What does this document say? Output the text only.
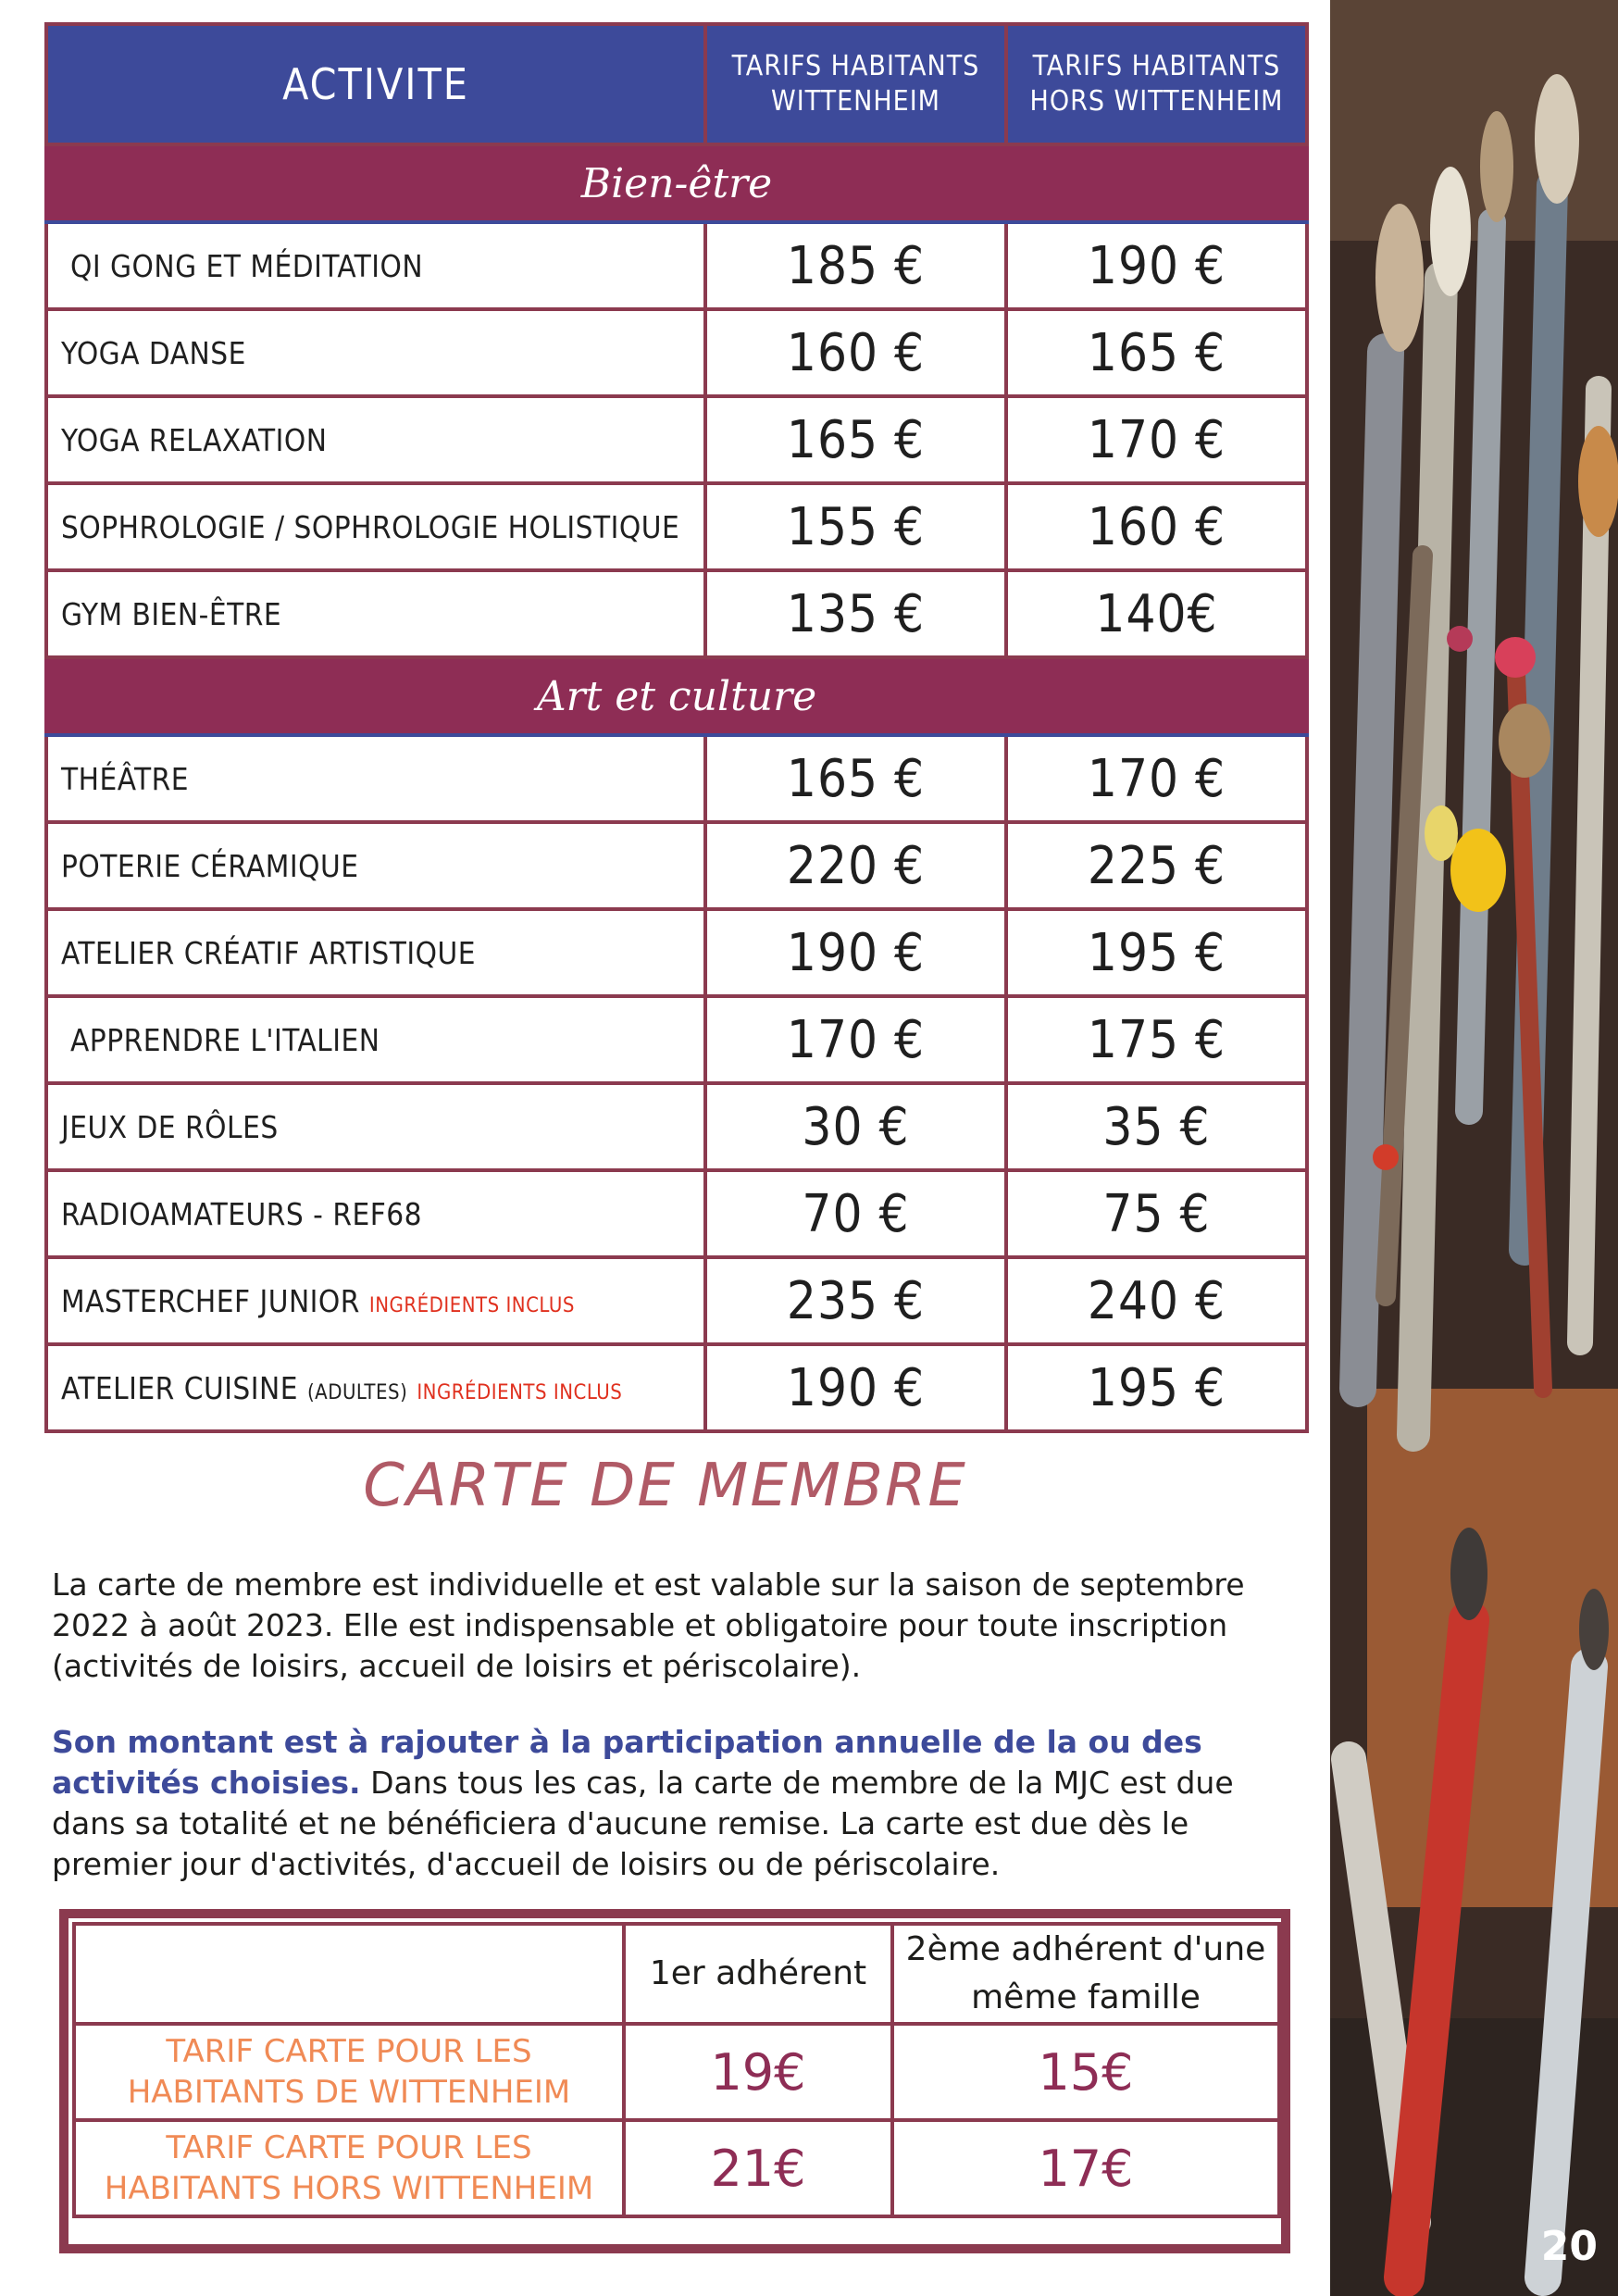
ACTIVITE	TARIFS HABITANTS WITTENHEIM	TARIFS HABITANTS HORS WITTENHEIM
Bien-être		
QI GONG ET MÉDITATION	185 €	190 €
YOGA DANSE	160 €	165 €
YOGA RELAXATION	165 €	170 €
SOPHROLOGIE / SOPHROLOGIE HOLISTIQUE	155 €	160 €
GYM BIEN-ÊTRE	135 €	140€
Art et culture		
THÉÂTRE	165 €	170 €
POTERIE CÉRAMIQUE	220 €	225 €
ATELIER CRÉATIF ARTISTIQUE	190 €	195 €
APPRENDRE L'ITALIEN	170 €	175 €
JEUX DE RÔLES	30 €	35 €
RADIOAMATEURS - REF68	70 €	75 €
MASTERCHEF JUNIOR INGRÉDIENTS INCLUS	235 €	240 €
ATELIER CUISINE (ADULTES) INGRÉDIENTS INCLUS	190 €	195 €
CARTE DE MEMBRE

La carte de membre est individuelle et est valable sur la saison de septembre 2022 à août 2023. Elle est indispensable et obligatoire pour toute inscription (activités de loisirs, accueil de loisirs et périscolaire).

Son montant est à rajouter à la participation annuelle de la ou des activités choisies. Dans tous les cas, la carte de membre de la MJC est due dans sa totalité et ne bénéficiera d'aucune remise. La carte est due dès le premier jour d'activités, d'accueil de loisirs ou de périscolaire.

	1er adhérent	2ème adhérent d'une même famille
TARIF CARTE POUR LES HABITANTS DE WITTENHEIM	19€	15€
TARIF CARTE POUR LES HABITANTS HORS WITTENHEIM	21€	17€
20
